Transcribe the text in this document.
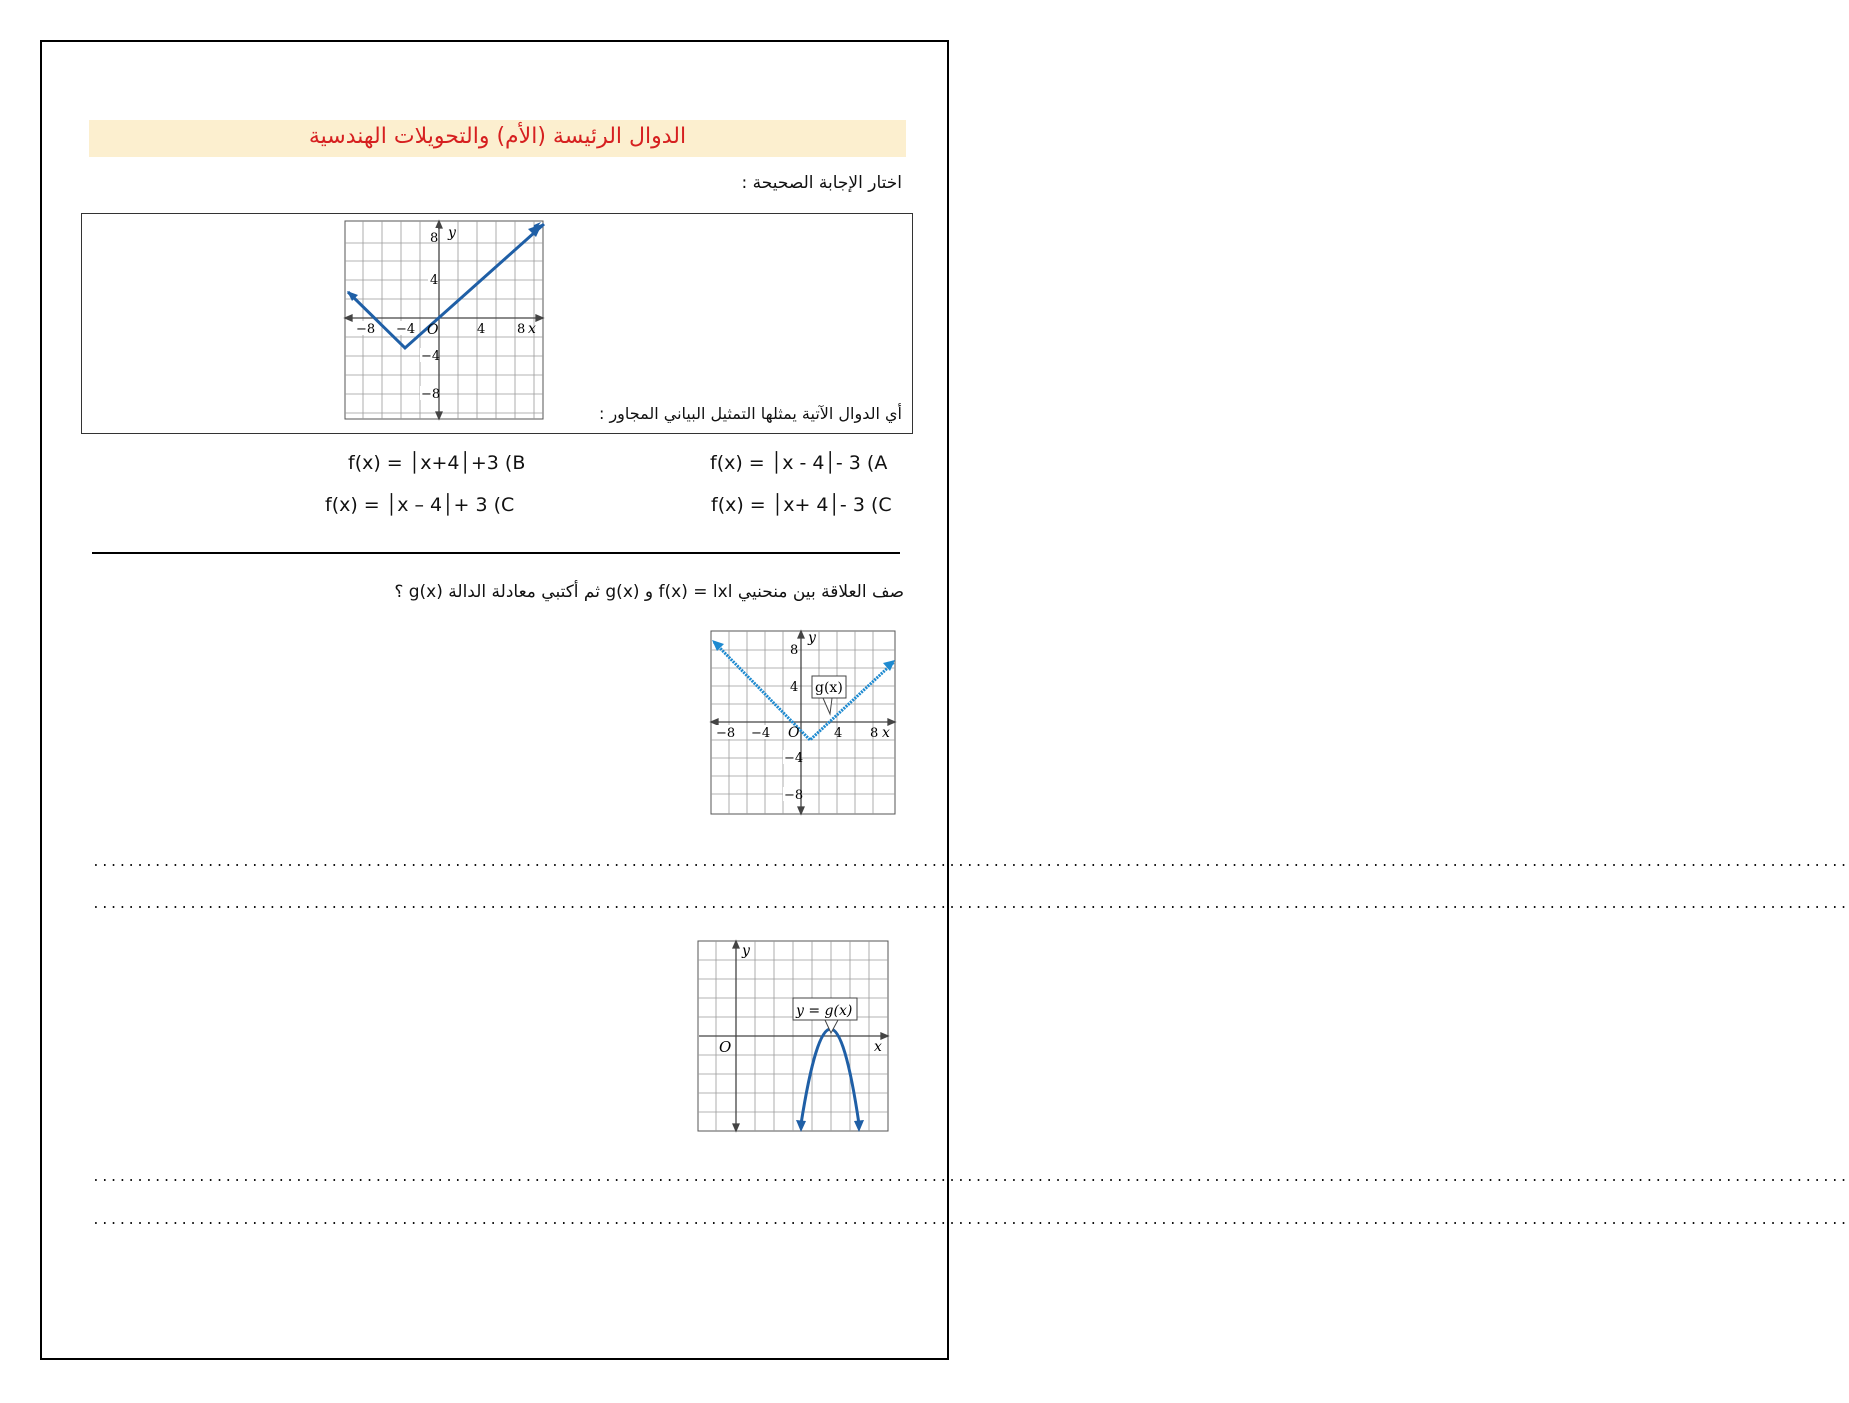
الدوال الرئيسة (الأم) والتحويلات الهندسية
اختار الإجابة الصحيحة :
8
4
y
−8 −4 O	4 8 x
−4
−8
أي الدوال الآتية يمثلها التمثيل البياني المجاور :
f(x) = │x - 4│- 3 (A
f(x) = │x+4│+3 (B
f(x) = │x+ 4│- 3 (C
f(x) = │x – 4│+ 3 (C
صف العلاقة بين منحنيي f(x) = lxl و g(x) ثم أكتبي معادلة الدالة g(x) ؟
g(x)
8
4
y
−8 −4 O	4 8 x
−4
−8
.......................................................................................................................................................................................................
.......................................................................................................................................................................................................
y = g(x)
y
O	x
.......................................................................................................................................................................................................
.......................................................................................................................................................................................................
